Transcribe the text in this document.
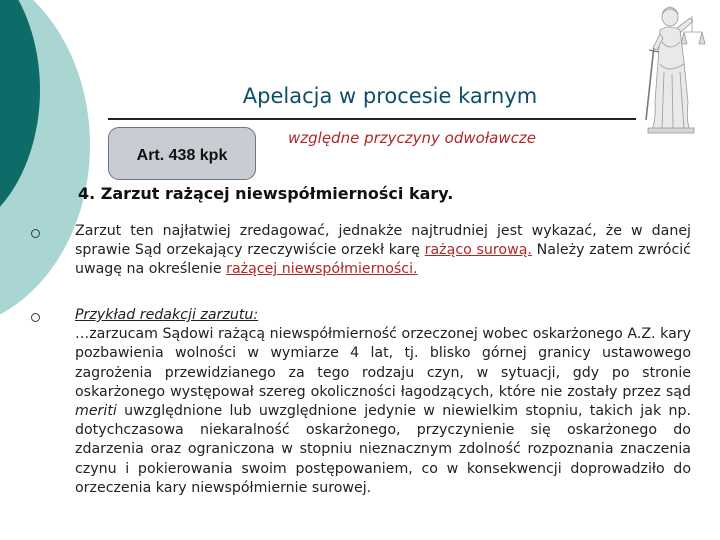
Apelacja w procesie karnym
Art. 438 kpk
względne przyczyny odwoławcze
4. Zarzut rażącej niewspółmierności kary.
Zarzut ten najłatwiej zredagować, jednakże najtrudniej jest wykazać, że w danej sprawie Sąd orzekający rzeczywiście orzekł karę rażąco surową. Należy zatem zwrócić uwagę na określenie rażącej niewspółmierności.
Przykład redakcji zarzutu:
…zarzucam Sądowi rażącą niewspółmierność orzeczonej wobec oskarżonego A.Z. kary pozbawienia wolności w wymiarze 4 lat, tj. blisko górnej granicy ustawowego zagrożenia przewidzianego za tego rodzaju czyn, w sytuacji, gdy po stronie oskarżonego występował szereg okoliczności łagodzących, które nie zostały przez sąd meriti uwzględnione lub uwzględnione jedynie w niewielkim stopniu, takich jak np. dotychczasowa niekaralność oskarżonego, przyczynienie się oskarżonego do zdarzenia oraz ograniczona w stopniu nieznacznym zdolność rozpoznania znaczenia czynu i pokierowania swoim postępowaniem, co w konsekwencji doprowadziło do orzeczenia kary niewspółmiernie surowej.
